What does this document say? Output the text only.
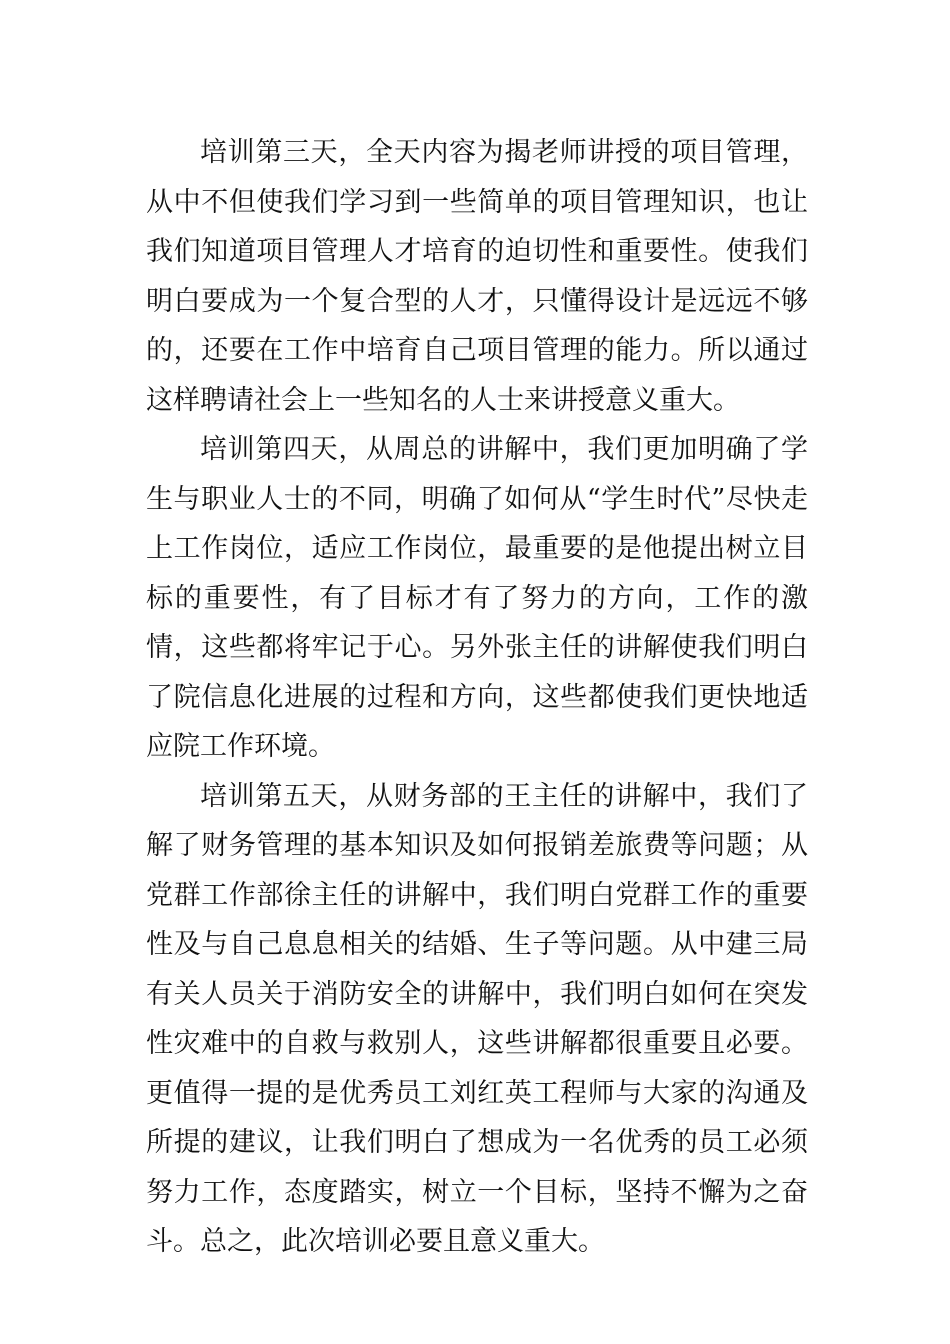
培训第三天，全天内容为揭老师讲授的项目管理，从中不但使我们学习到一些简单的项目管理知识，也让我们知道项目管理人才培育的迫切性和重要性。使我们明白要成为一个复合型的人才，只懂得设计是远远不够的，还要在工作中培育自己项目管理的能力。所以通过这样聘请社会上一些知名的人士来讲授意义重大。

培训第四天，从周总的讲解中，我们更加明确了学生与职业人士的不同，明确了如何从“学生时代”尽快走上工作岗位，适应工作岗位，最重要的是他提出树立目标的重要性，有了目标才有了努力的方向，工作的激情，这些都将牢记于心。另外张主任的讲解使我们明白了院信息化进展的过程和方向，这些都使我们更快地适应院工作环境。

培训第五天，从财务部的王主任的讲解中，我们了解了财务管理的基本知识及如何报销差旅费等问题；从党群工作部徐主任的讲解中，我们明白党群工作的重要性及与自己息息相关的结婚、生子等问题。从中建三局有关人员关于消防安全的讲解中，我们明白如何在突发性灾难中的自救与救别人，这些讲解都很重要且必要。更值得一提的是优秀员工刘红英工程师与大家的沟通及所提的建议，让我们明白了想成为一名优秀的员工必须努力工作，态度踏实，树立一个目标，坚持不懈为之奋斗。总之，此次培训必要且意义重大。
